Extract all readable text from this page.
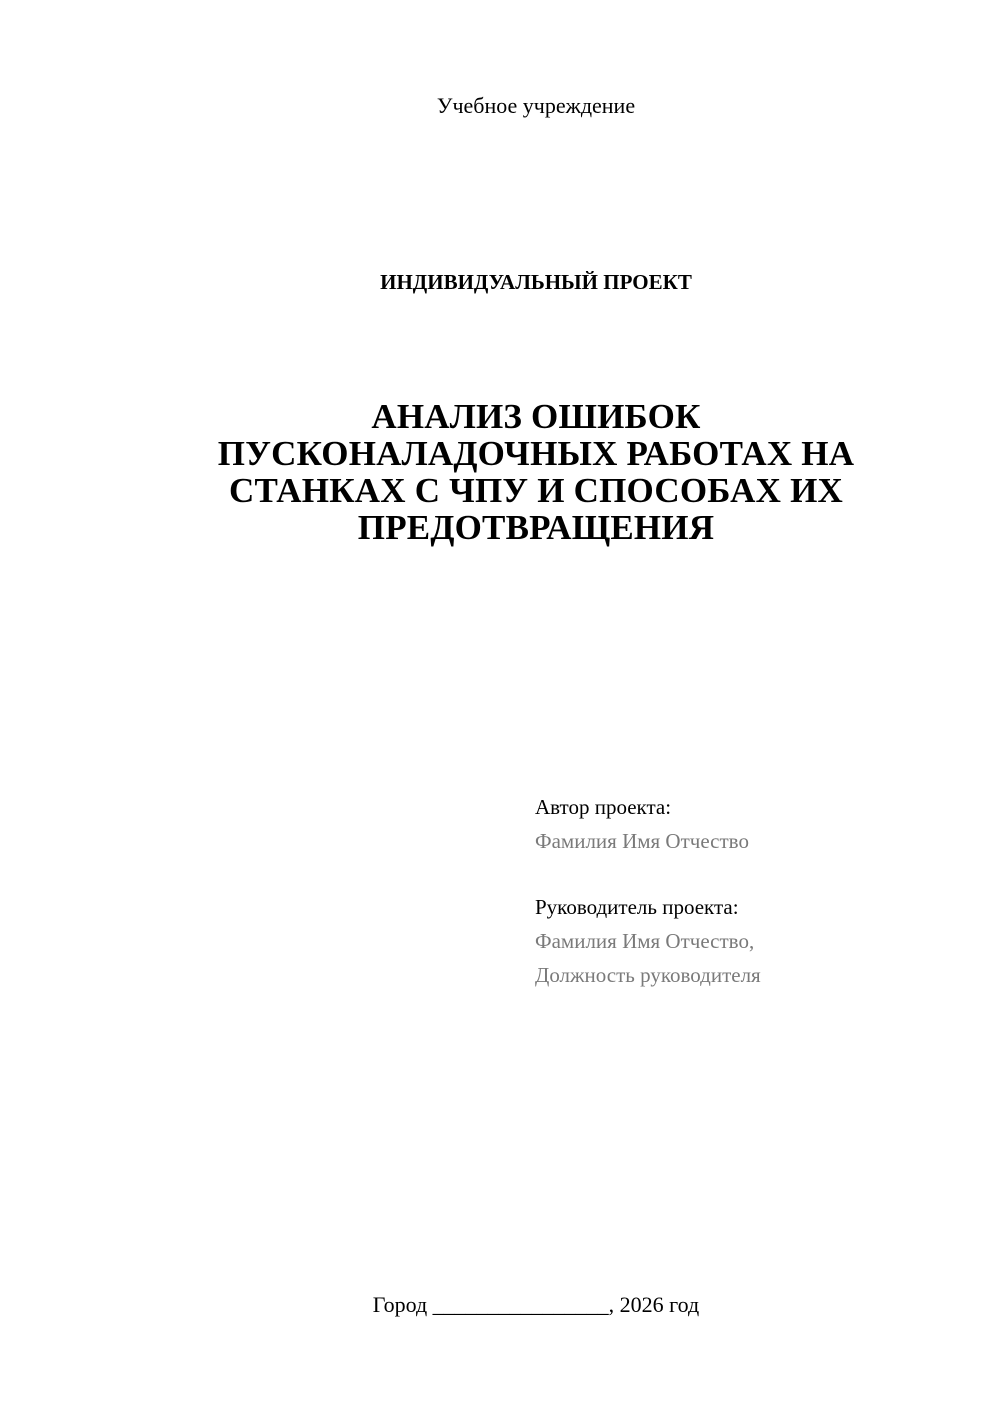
Учебное учреждение
ИНДИВИДУАЛЬНЫЙ ПРОЕКТ
АНАЛИЗ ОШИБОК
ПУСКОНАЛАДОЧНЫХ РАБОТАХ НА
СТАНКАХ С ЧПУ И СПОСОБАХ ИХ
ПРЕДОТВРАЩЕНИЯ
Автор проекта:
Фамилия Имя Отчество
Руководитель проекта:
Фамилия Имя Отчество,
Должность руководителя
Город ________________, 2026 год
